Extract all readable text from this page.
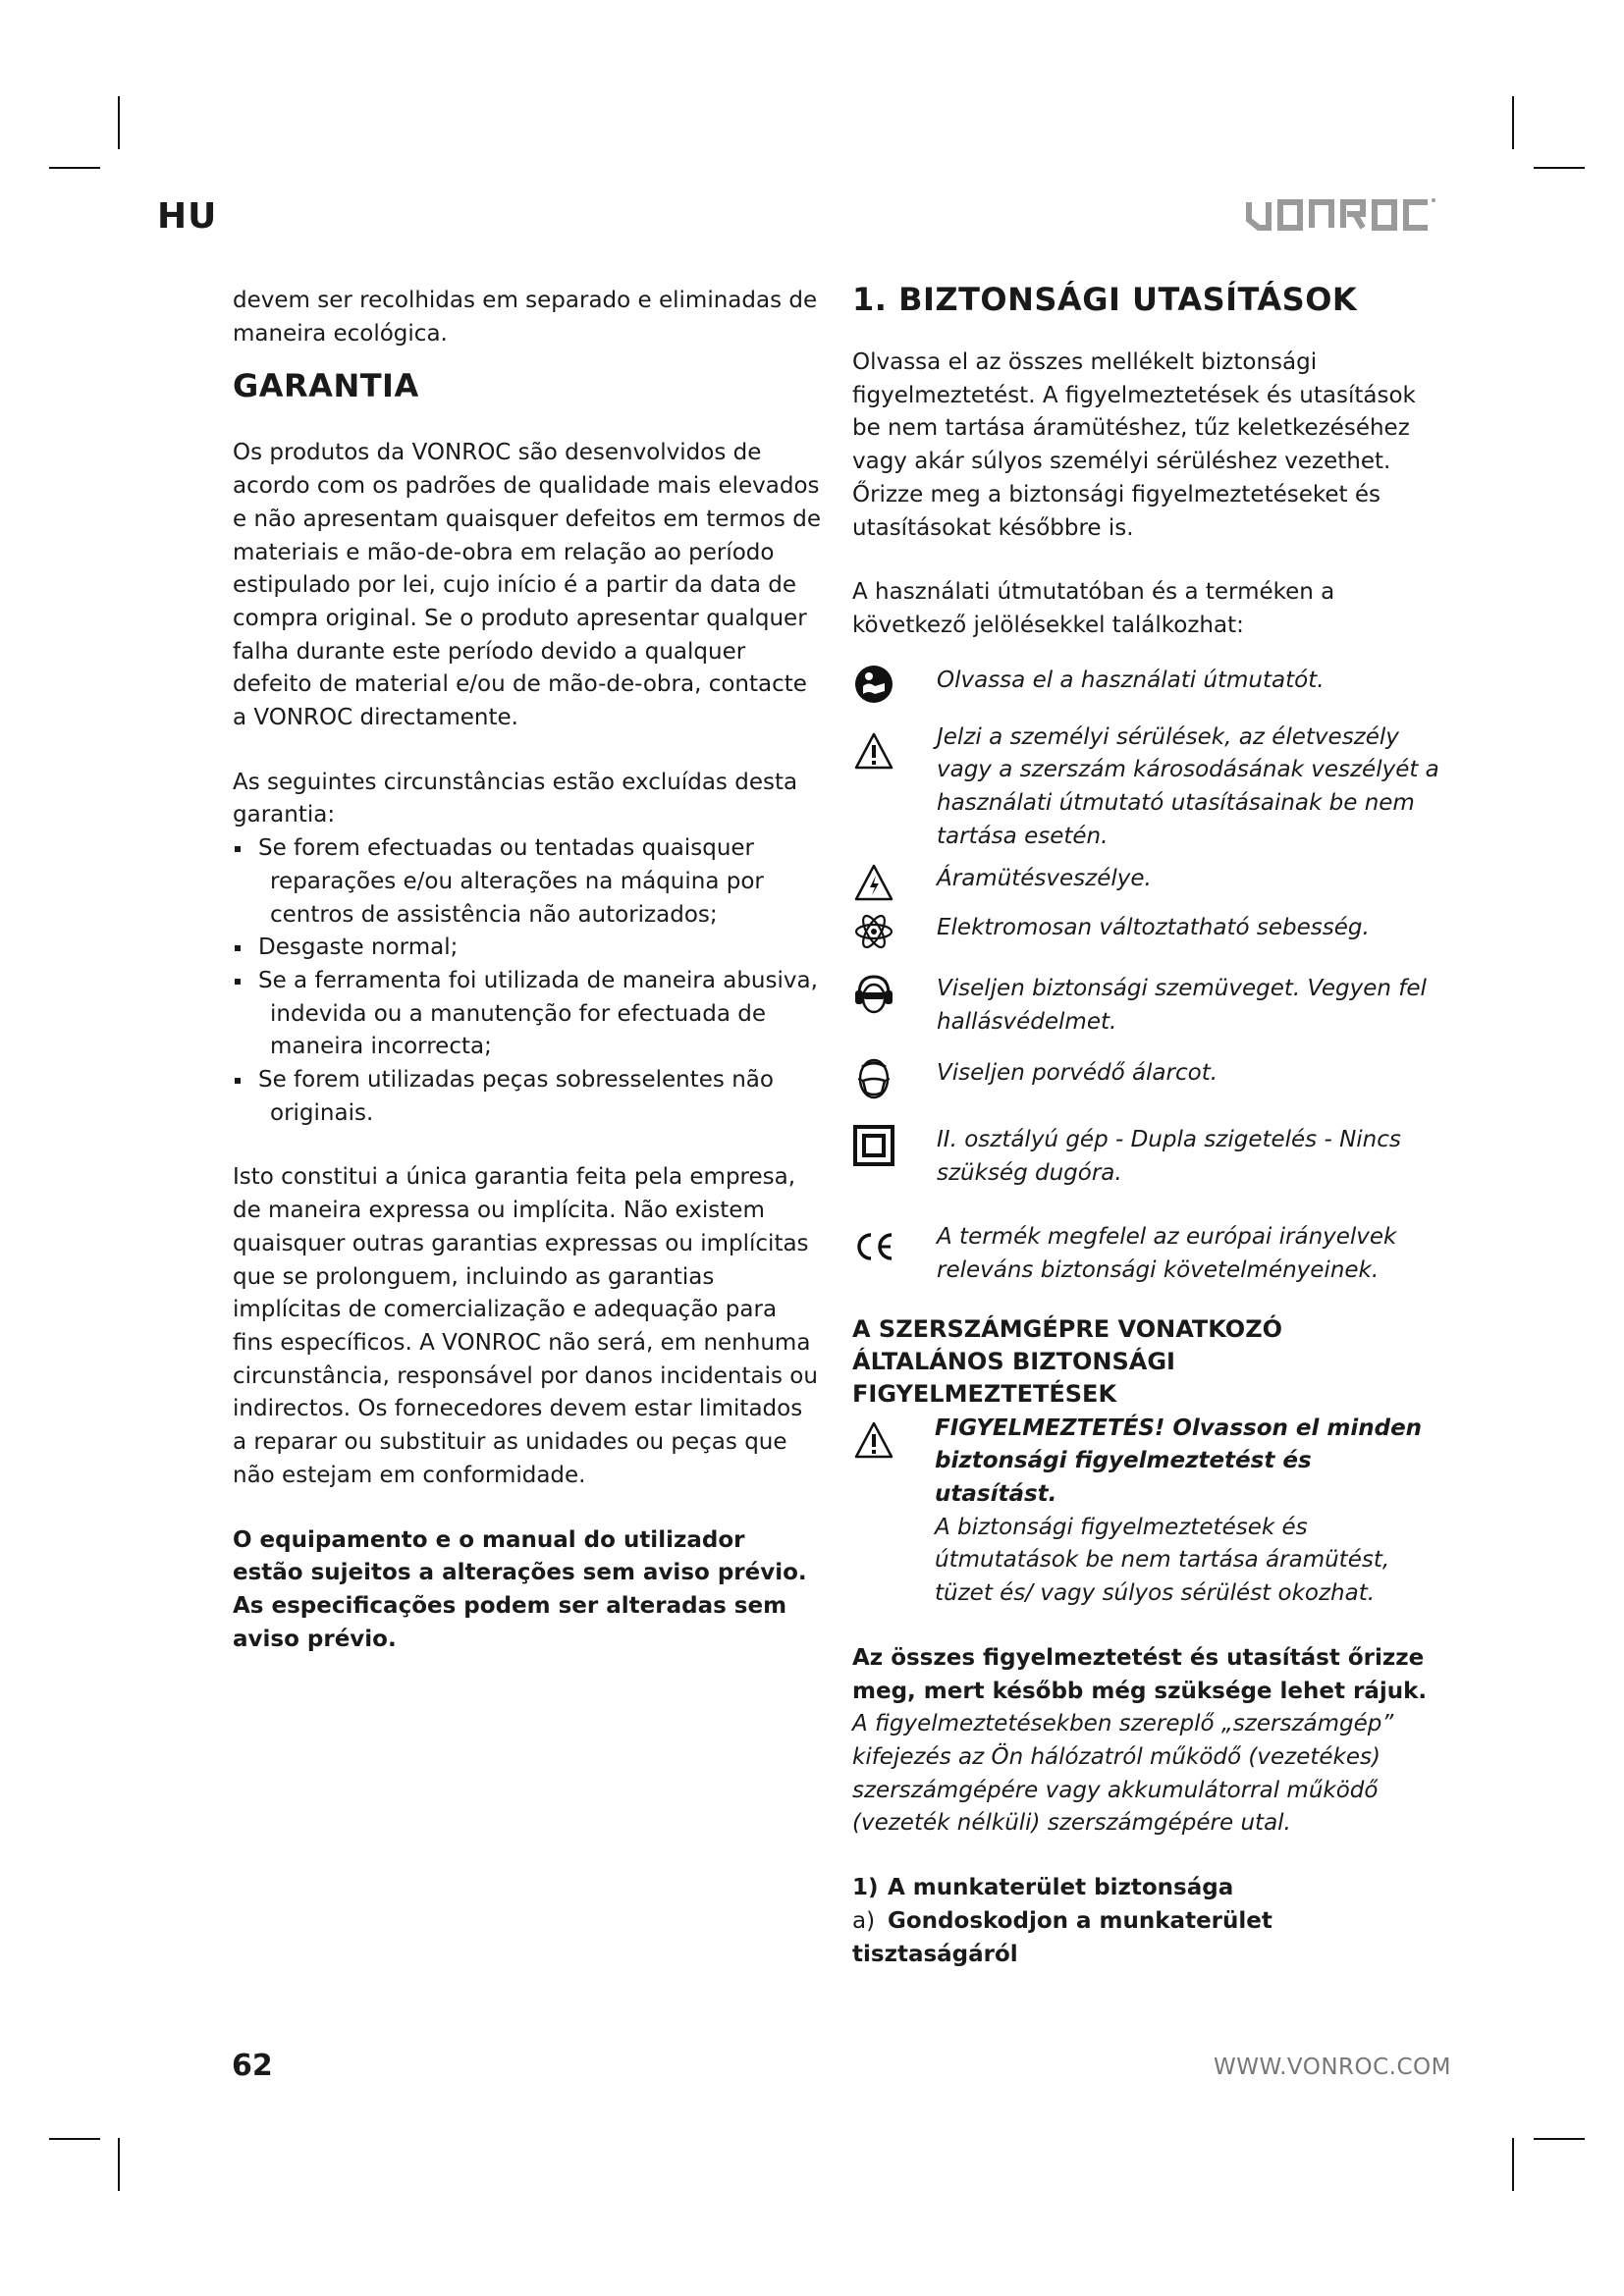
HU

devem ser recolhidas em separado e eliminadas de maneira ecológica.

GARANTIA

Os produtos da VONROC são desenvolvidos de acordo com os padrões de qualidade mais elevados e não apresentam quaisquer defeitos em termos de materiais e mão-de-obra em relação ao período estipulado por lei, cujo início é a partir da data de compra original. Se o produto apresentar qualquer falha durante este período devido a qualquer defeito de material e/ou de mão-de-obra, contacte a VONROC directamente.

As seguintes circunstâncias estão excluídas desta garantia:

Se forem efectuadas ou tentadas quaisquer reparações e/ou alterações na máquina por centros de assistência não autorizados;
Desgaste normal;
Se a ferramenta foi utilizada de maneira abusiva, indevida ou a manutenção for efectuada de maneira incorrecta;
Se forem utilizadas peças sobresselentes não originais.

Isto constitui a única garantia feita pela empresa, de maneira expressa ou implícita. Não existem quaisquer outras garantias expressas ou implícitas que se prolonguem, incluindo as garantias implícitas de comercialização e adequação para fins específicos. A VONROC não será, em nenhuma circunstância, responsável por danos incidentais ou indirectos. Os fornecedores devem estar limitados a reparar ou substituir as unidades ou peças que não estejam em conformidade.

O equipamento e o manual do utilizador estão sujeitos a alterações sem aviso prévio. As especificações podem ser alteradas sem aviso prévio.

1. BIZTONSÁGI UTASÍTÁSOK

Olvassa el az összes mellékelt biztonsági figyelmeztetést. A figyelmeztetések és utasítások be nem tartása áramütéshez, tűz keletkezéséhez vagy akár súlyos személyi sérüléshez vezethet. Őrizze meg a biztonsági figyelmeztetéseket és utasításokat későbbre is.

A használati útmutatóban és a terméken a következő jelölésekkel találkozhat:

Olvassa el a használati útmutatót.
Jelzi a személyi sérülések, az életveszély vagy a szerszám károsodásának veszélyét a használati útmutató utasításainak be nem tartása esetén.
Áramütésveszélye.
Elektromosan változtatható sebesség.
Viseljen biztonsági szemüveget. Vegyen fel hallásvédelmet.
Viseljen porvédő álarcot.
II. osztályú gép - Dupla szigetelés - Nincs szükség dugóra.
A termék megfelel az európai irányelvek releváns biztonsági követelményeinek.
A SZERSZÁMGÉPRE VONATKOZÓ ÁLTALÁNOS BIZTONSÁGI FIGYELMEZTETÉSEK
FIGYELMEZTETÉS! Olvasson el minden biztonsági figyelmeztetést és utasítást.
A biztonsági figyelmeztetések és útmutatások be nem tartása áramütést, tüzet és/ vagy súlyos sérülést okozhat.

Az összes figyelmeztetést és utasítást őrizze meg, mert később még szüksége lehet rájuk.

A figyelmeztetésekben szereplő „szerszámgép” kifejezés az Ön hálózatról működő (vezetékes) szerszámgépére vagy akkumulátorral működő (vezeték nélküli) szerszámgépére utal.

1) A munkaterület biztonsága
a) Gondoskodjon a munkaterület tisztaságáról
62	WWW.VONROC.COM
